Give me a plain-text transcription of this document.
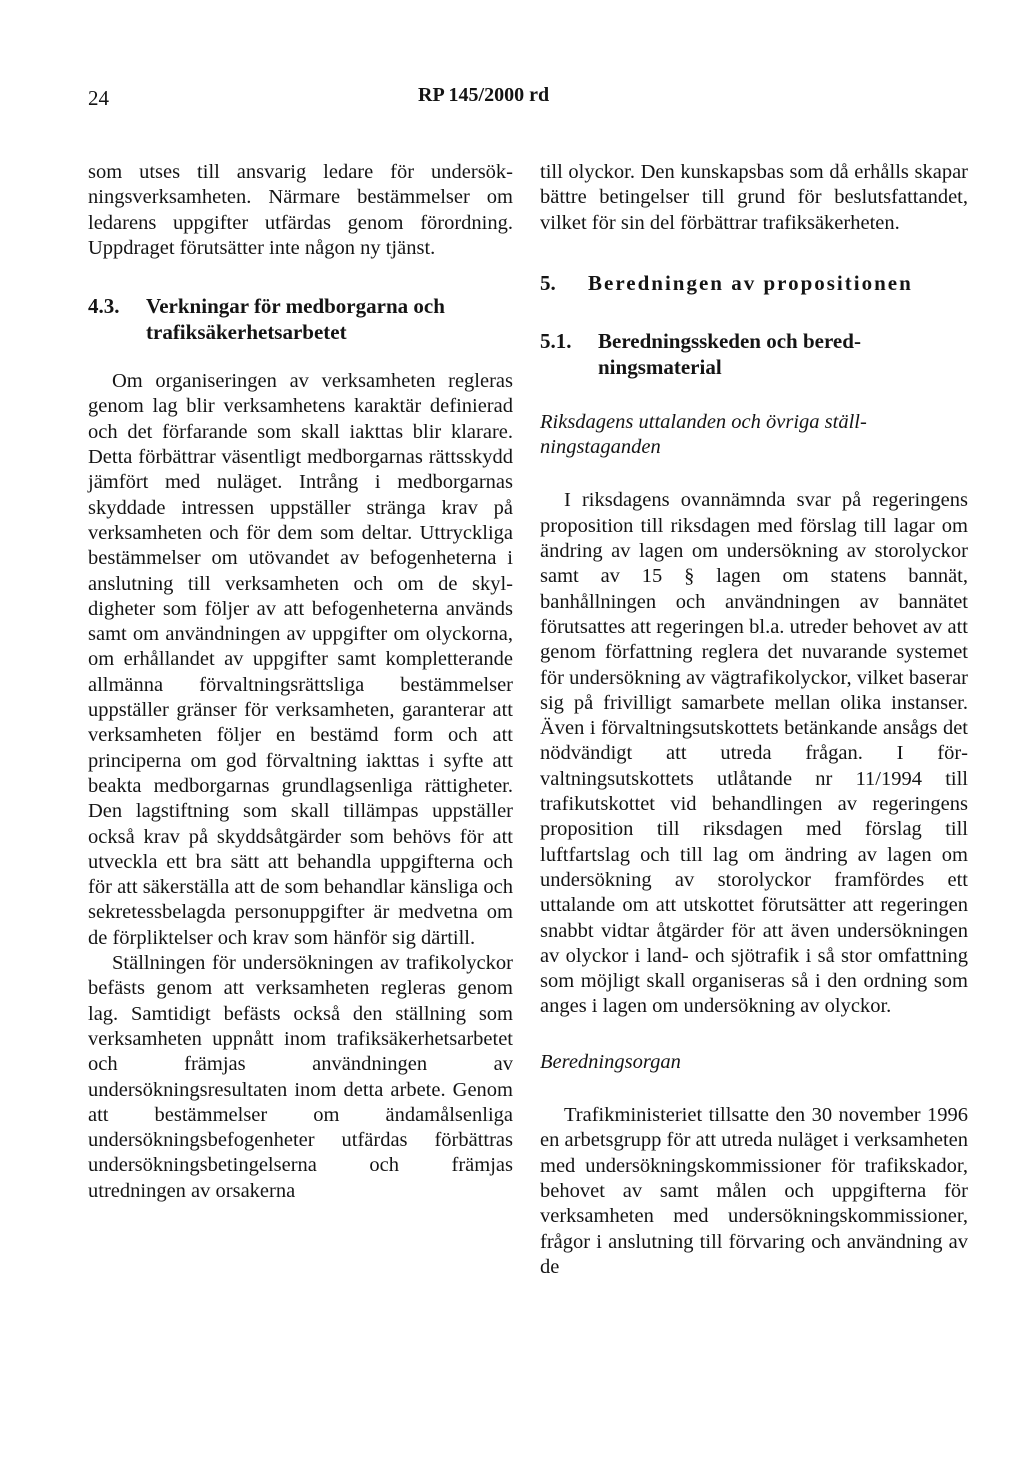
24	RP 145/2000 rd

som utses till ansvarig ledare för undersökningsverksamheten. Närmare bestämmelser om ledarens uppgifter utfärdas genom förordning. Uppdraget förutsätter inte någon ny tjänst.

4.3.	Verkningar för medborgarna och trafiksäkerhetsarbetet

Om organiseringen av verksamheten regleras genom lag blir verksamhetens karaktär definierad och det förfarande som skall iakttas blir klarare. Detta förbättrar väsentligt medborgarnas rättsskydd jämfört med nuläget. Intrång i medborgarnas skyddade intressen uppställer stränga krav på verksamheten och för dem som deltar. Uttryckliga bestämmelser om utövandet av befogenheterna i anslutning till verksamheten och om de skyldigheter som följer av att befogenheterna används samt om användningen av uppgifter om olyckorna, om erhållandet av uppgifter samt kompletterande allmänna förvaltningsrättsliga bestämmelser uppställer gränser för verksamheten, garanterar att verksamheten följer en bestämd form och att principerna om god förvaltning iakttas i syfte att beakta medborgarnas grundlagsenliga rättigheter. Den lagstiftning som skall tillämpas uppställer också krav på skyddsåtgärder som behövs för att utveckla ett bra sätt att behandla uppgifterna och för att säkerställa att de som behandlar känsliga och sekretessbelagda personuppgifter är medvetna om de förpliktelser och krav som hänför sig därtill.

Ställningen för undersökningen av trafikolyckor befästs genom att verksamheten regleras genom lag. Samtidigt befästs också den ställning som verksamheten uppnått inom trafiksäkerhetsarbetet och främjas användningen av undersökningsresultaten inom detta arbete. Genom att bestämmelser om ändamålsenliga undersökningsbefogenheter utfärdas förbättras undersökningsbetingelserna och främjas utredningen av orsakerna

till olyckor. Den kunskapsbas som då erhålls skapar bättre betingelser till grund för beslutsfattandet, vilket för sin del förbättrar trafiksäkerheten.

5.	Beredningen av propositionen
5.1.	Beredningsskeden och beredningsmaterial

Riksdagens uttalanden och övriga ställningstaganden

I riksdagens ovannämnda svar på regeringens proposition till riksdagen med förslag till lagar om ändring av lagen om undersökning av storolyckor samt av 15 § lagen om statens bannät, banhållningen och användningen av bannätet förutsattes att regeringen bl.a. utreder behovet av att genom författning reglera det nuvarande systemet för undersökning av vägtrafikolyckor, vilket baserar sig på frivilligt samarbete mellan olika instanser. Även i förvaltningsutskottets betänkande ansågs det nödvändigt att utreda frågan. I förvaltningsutskottets utlåtande nr 11/1994 till trafikutskottet vid behandlingen av regeringens proposition till riksdagen med förslag till luftfartslag och till lag om ändring av lagen om undersökning av storolyckor framfördes ett uttalande om att utskottet förutsätter att regeringen snabbt vidtar åtgärder för att även undersökningen av olyckor i land- och sjötrafik i så stor omfattning som möjligt skall organiseras så i den ordning som anges i lagen om undersökning av olyckor.

Beredningsorgan

Trafikministeriet tillsatte den 30 november 1996 en arbetsgrupp för att utreda nuläget i verksamheten med undersökningskommissioner för trafikskador, behovet av samt målen och uppgifterna för verksamheten med undersökningskommissioner, frågor i anslutning till förvaring och användning av de
